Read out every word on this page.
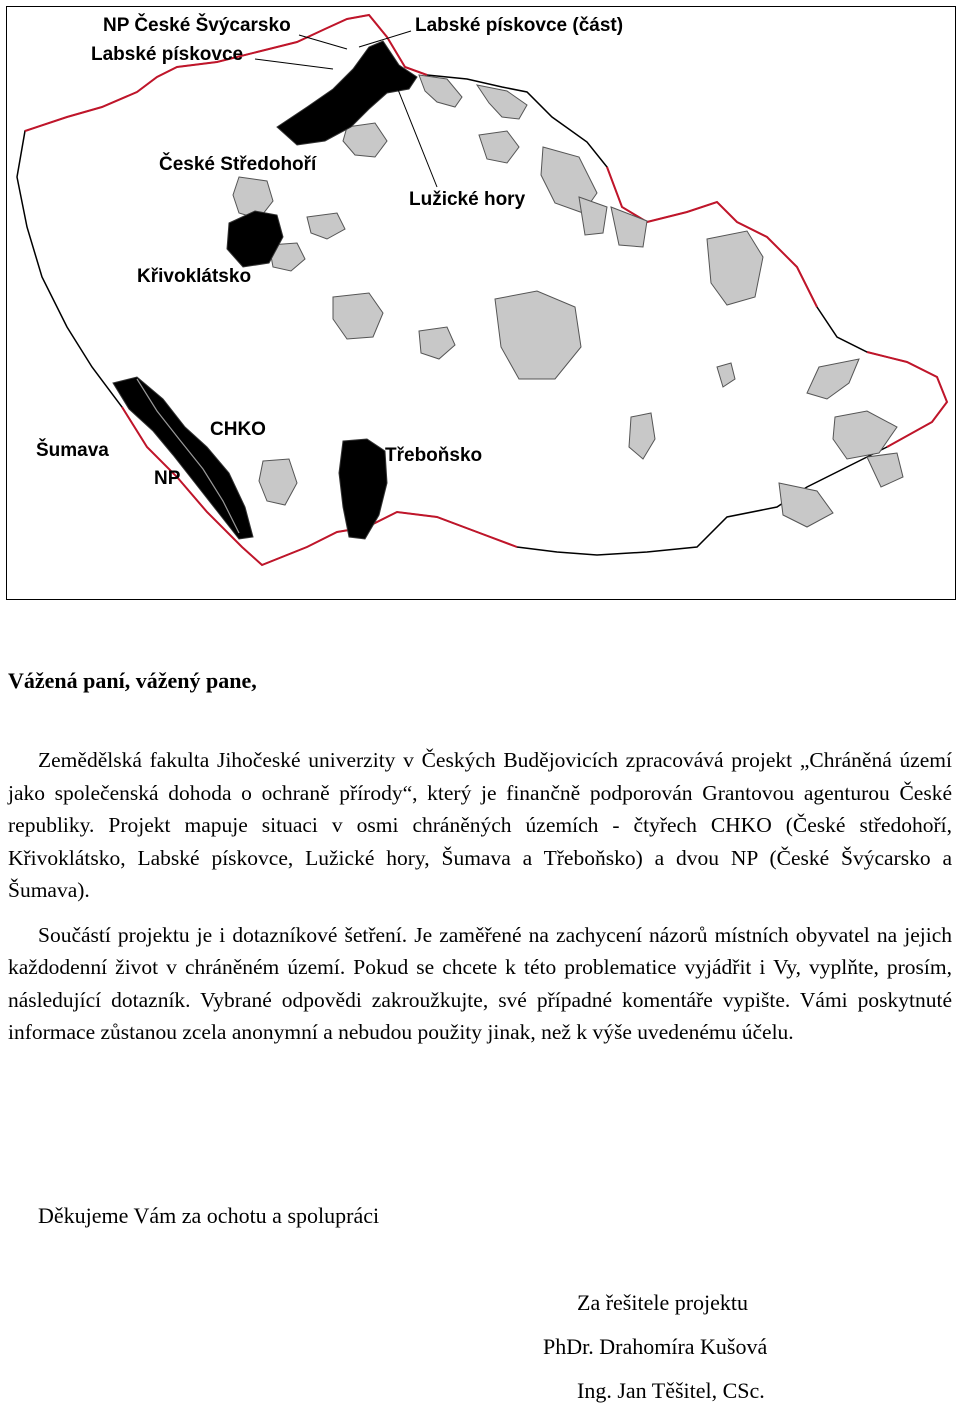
NP České Švýcarsko	Labské pískovce (část)
Labské pískovce
České Středohoří
Lužické hory
Křivoklátsko
CHKO
Šumava
NP
Třeboňsko
Vážená paní, vážený pane,

Zemědělská fakulta Jihočeské univerzity v Českých Budějovicích zpracovává projekt „Chráněná území jako společenská dohoda o ochraně přírody“, který je finančně podporován Grantovou agenturou České republiky. Projekt mapuje situaci v osmi chráněných územích - čtyřech CHKO (České středohoří, Křivoklátsko, Labské pískovce, Lužické hory, Šumava a Třeboňsko) a dvou NP (České Švýcarsko a Šumava).

Součástí projektu je i dotazníkové šetření. Je zaměřené na zachycení názorů místních obyvatel na jejich každodenní život v chráněném území. Pokud se chcete k této problematice vyjádřit i Vy, vyplňte, prosím, následující dotazník. Vybrané odpovědi zakroužkujte, své případné komentáře vypište. Vámi poskytnuté informace zůstanou zcela anonymní a nebudou použity jinak, než k výše uvedenému účelu.

Děkujeme Vám za ochotu a spolupráci
Za řešitele projektu
PhDr. Drahomíra Kušová
Ing. Jan Těšitel, CSc.
